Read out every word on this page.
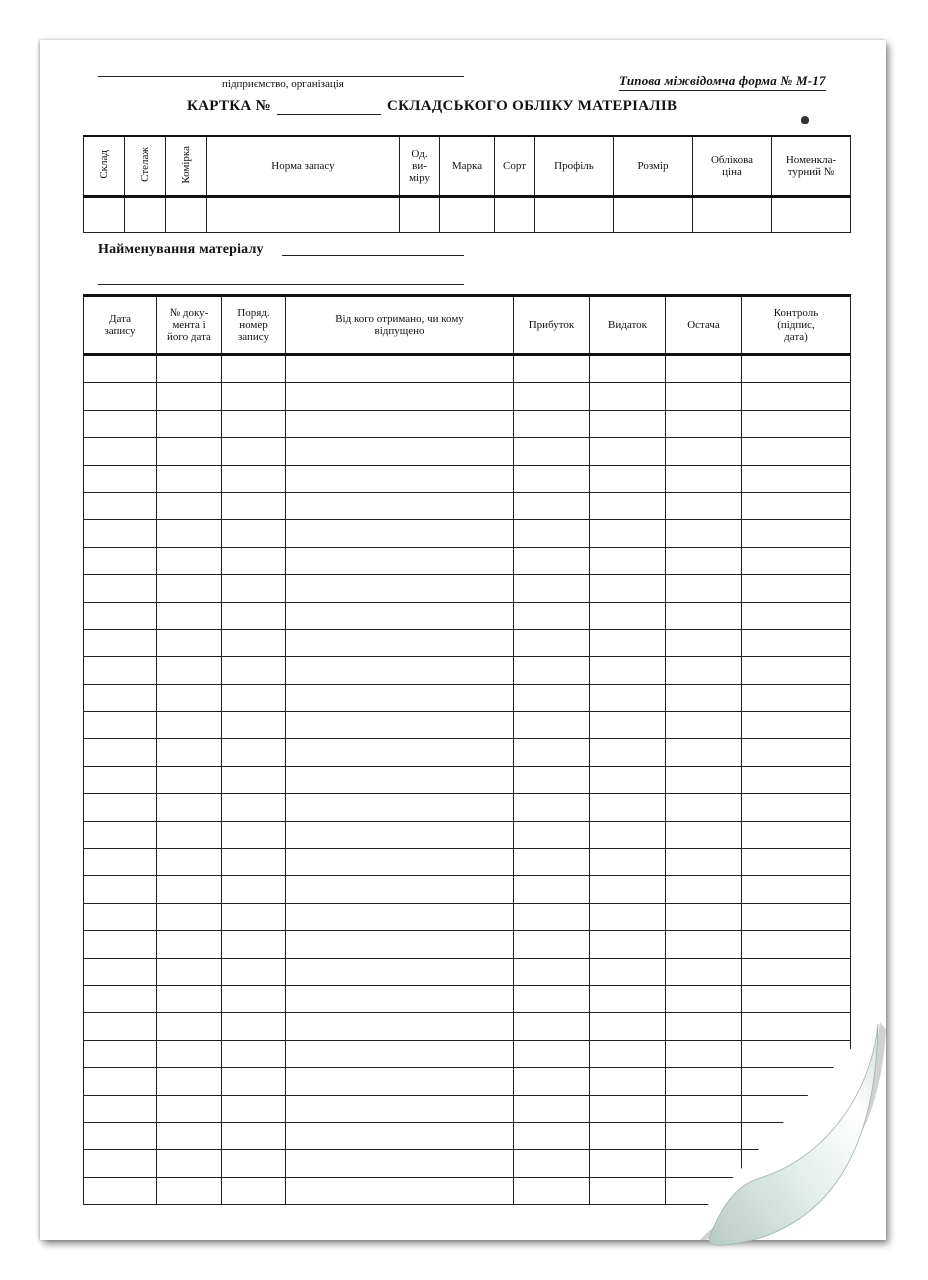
підприємство, організація	Типова міжвідомча форма № М-17
КАРТКА №	СКЛАДСЬКОГО ОБЛІКУ МАТЕРІАЛІВ
Склад	Стелаж	Комірка	Норма запасу	Од. ви- міру	Марка	Сорт	Профіль	Розмір	Облікова ціна	Номенкла- турний №

Найменування матеріалу
Дата запису	№ доку- мента і його дата	Поряд. номер запису	Від кого отримано, чи кому відпущено	Прибуток	Видаток	Остача	Контроль (підпис, дата)
